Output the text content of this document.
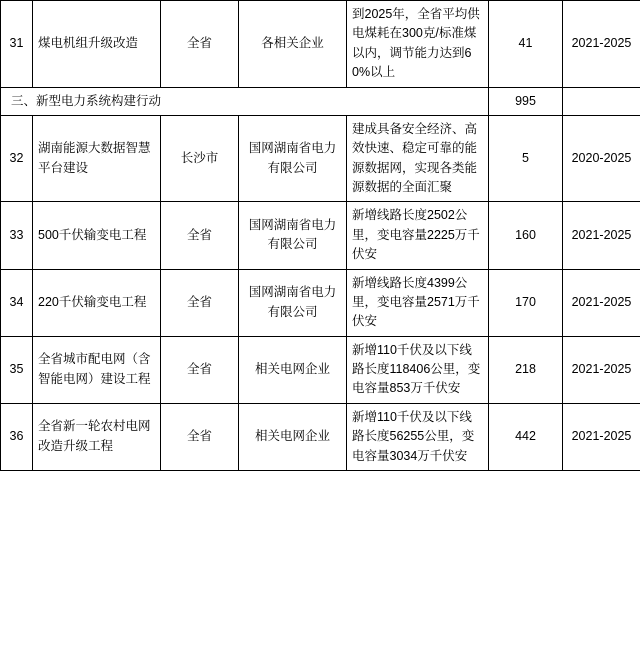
31	煤电机组升级改造	全省	各相关企业	到2025年，全省平均供电煤耗在300克/标准煤以内，调节能力达到60%以上	41	2021-2025
三、新型电力系统构建行动					995	
32	湖南能源大数据智慧平台建设	长沙市	国网湖南省电力有限公司	建成具备安全经济、高效快速、稳定可靠的能源数据网，实现各类能源数据的全面汇聚	5	2020-2025
33	500千伏输变电工程	全省	国网湖南省电力有限公司	新增线路长度2502公里，变电容量2225万千伏安	160	2021-2025
34	220千伏输变电工程	全省	国网湖南省电力有限公司	新增线路长度4399公里，变电容量2571万千伏安	170	2021-2025
35	全省城市配电网（含智能电网）建设工程	全省	相关电网企业	新增110千伏及以下线路长度118406公里，变电容量853万千伏安	218	2021-2025
36	全省新一轮农村电网改造升级工程	全省	相关电网企业	新增110千伏及以下线路长度56255公里，变电容量3034万千伏安	442	2021-2025
